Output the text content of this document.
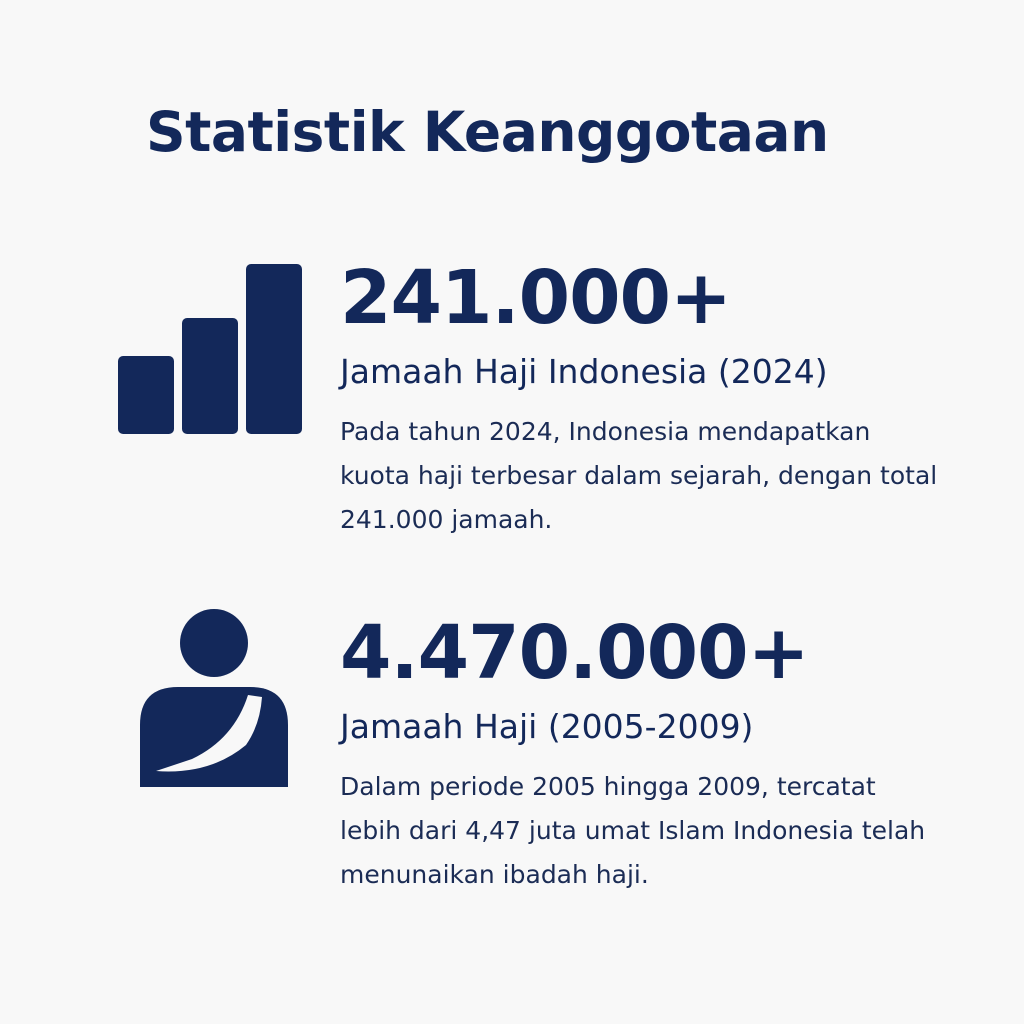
Statistik Keanggotaan

241.000+

Jamaah Haji Indonesia (2024)

Pada tahun 2024, Indonesia mendapatkan kuota haji terbesar dalam sejarah, dengan total 241.000 jamaah.

4.470.000+

Jamaah Haji (2005-2009)

Dalam periode 2005 hingga 2009, tercatat lebih dari 4,47 juta umat Islam Indonesia telah menunaikan ibadah haji.
